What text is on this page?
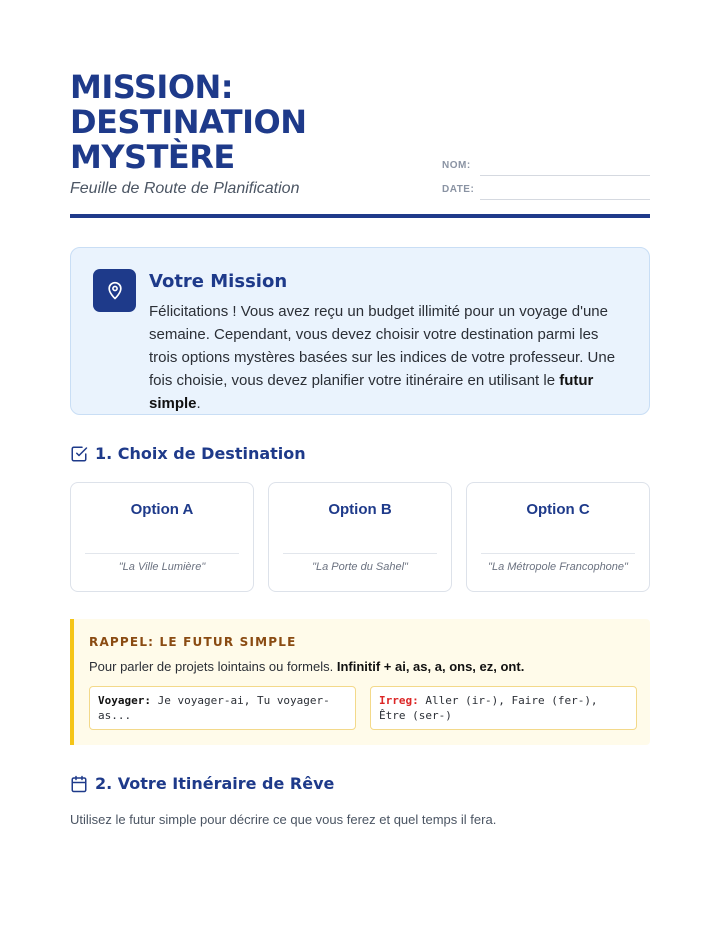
MISSION:
DESTINATION
MYSTÈRE
Feuille de Route de Planification
NOM:
DATE:
Votre Mission
Félicitations ! Vous avez reçu un budget illimité pour un voyage d'une semaine. Cependant, vous devez choisir votre destination parmi les trois options mystères basées sur les indices de votre professeur. Une fois choisie, vous devez planifier votre itinéraire en utilisant le futur simple.
1. Choix de Destination
Option A
"La Ville Lumière"
Option B
"La Porte du Sahel"
Option C
"La Métropole Francophone"
RAPPEL: LE FUTUR SIMPLE
Pour parler de projets lointains ou formels. Infinitif + ai, as, a, ons, ez, ont.
Voyager: Je voyager-ai, Tu voyager-as...
Irreg: Aller (ir-), Faire (fer-), Être (ser-)
2. Votre Itinéraire de Rêve
Utilisez le futur simple pour décrire ce que vous ferez et quel temps il fera.
